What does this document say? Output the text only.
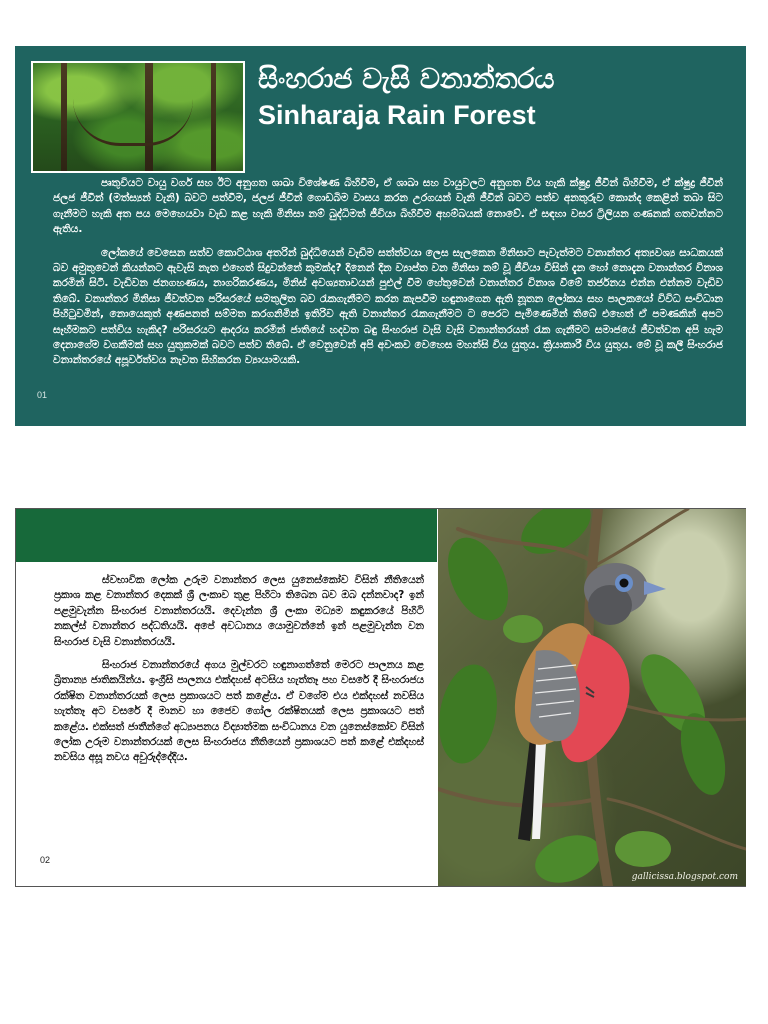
සිංහරාජ වැසි වනාන්තරය
Sinharaja Rain Forest

පෘතුවියට වායු වර්ග සහ ඊට අනුගත ශාඛා විශේෂණ බිහිවීම, ඒ ශාඛා සහ වායුවලට අනුගත විය හැකි ක්ෂුද්‍ර ජීවීන් බිහිවීම, ඒ ක්ෂුද්‍ර ජීවීන් ජලජ ජීවීන් (මත්ස්‍යන් වැනි) බවට පත්වීම, ජලජ ජීවීන් ගොඩබිම වාසය කරන උරගයන් වැනි ජීවීන් බවට පත්ව අනතුරුව කොන්ද කෙළින් තබා සිට ගැනීමට හැකි අත පය මෙහෙයවා වැඩ කළ හැකි මිනිසා නම් බුද්ධිමත් ජීවියා බිහිවීම අහම්බයක් නොවේ. ඒ සඳහා වසර ට්‍රිලියන ගණනක් ගතවන්නට ඇතිය.

ලෝකයේ වෙසෙන සත්ව කොට්ඨාශ අතරින් බුද්ධියෙන් වැඩිම සත්ත්වයා ලෙස සැලකෙන මිනිසාට පැවැත්මට වනාන්තර අත්‍යවශ්‍ය සාධකයක් බව අමුතුවෙන් කියන්නට ඇවැසි නැත එහෙත් සිදුවන්නේ කුමක්ද? දිනෙන් දින ව්‍යාප්ත වන මිනිසා නම් වූ ජීවියා විසින් දැන හෝ නොදැන වනාන්තර විනාශ කරමින් සිටී. වැඩිවන ජනගහණය, නාගරිකරණය, මිනිස් අවශ්‍යතාවයන් පුළුල් වීම හේතුවෙන් වනාන්තර විනාශ වීමේ තර්ජනය එන්න එන්නම වැඩිව තිබේ. වනාන්තර මිනිසා ජීවත්වන පරිසරයේ සමතුලිත බව රැකගැනීමට කරන කැපවීම හඳුනාගෙන ඇති නූතන ලෝකය සහ පාලකයෝ විවිධ සංවිධාන පිහිටුවමින්, නොයෙකුත් අණපනත් සම්මත කරගනිමින් ඉතිරිව ඇති වනාන්තර රැකගැනීමට ට පෙරට පැමිණෙමින් තිබේ එහෙත් ඒ පමණකින් අපට සෑහීමකට පත්විය හැකිද? පරිසරයට ආදරය කරමින් ජාතියේ හදවත බඳු සිංහරාජ වැසි වැසි වනාන්තරයන් රැක ගැනීමට සමාජයේ ජීවත්වන අපි හැම දෙනාගේම වගකීමක් සහ යුතුකමක් බවට පත්ව තිබේ. ඒ වෙනුවෙන් අපි අවංකව වෙහෙස මහන්සි විය යුතුය. ක්‍රියාකාරී විය යුතුය. මේ වූ කලී සිංහරාජ වනාන්තරයේ අපූර්වත්වය නැවත සිහිකරන ව්‍යායාමයකි.

01

ස්වභාවික ලෝක උරුම වනාන්තර ලෙස යුනෙස්කෝව විසින් නීතියෙන් ප්‍රකාශ කළ වනාන්තර දෙකක් ශ්‍රී ලංකාව තුළ පිහිටා තිබෙන බව ඔබ දන්නවාද? ඉන් පළමුවැන්න සිංහරාජ වනාන්තරයයි. දෙවැන්න ශ්‍රී ලංකා මධ්‍යම කඳුකරයේ පිහිටි නකල්ස් වනාන්තර පද්ධතියයි. අපේ අවධානය යොමුවන්නේ ඉන් පළමුවැන්න වන සිංහරාජ වැසි වනාන්තරයයි.

සිංහරාජ වනාන්තරයේ අගය මුල්වරට හඳුනාගත්තේ මෙරට පාලනය කළ බ්‍රිතාන්‍ය ජාතිකයින්ය. ඉංග්‍රීසි පාලනය එක්දහස් අටසිය හැත්තෑ පහ වසරේ දී සිංහරාජය රක්ෂිත වනාන්තරයක් ලෙස ප්‍රකාශයට පත් කළේය. ඒ වගේම එය එක්දහස් නවසිය හැත්තෑ අට වසරේ දී මානව හා ජෛව ගෝල රක්ෂිතයක් ලෙස ප්‍රකාශයට පත් කළේය. එක්සත් ජාතීන්ගේ අධ්‍යාපනය විද්‍යාත්මක සංවිධානය වන යුනෙස්කෝව විසින් ලෝක උරුම වනාන්තරයක් ලෙස සිංහරාජය නීතියෙන් ප්‍රකාශයට පත් කළේ එක්දහස් නවසිය අසූ නවය අවුරුද්දේදිය.

02
gallicissa.blogspot.com
